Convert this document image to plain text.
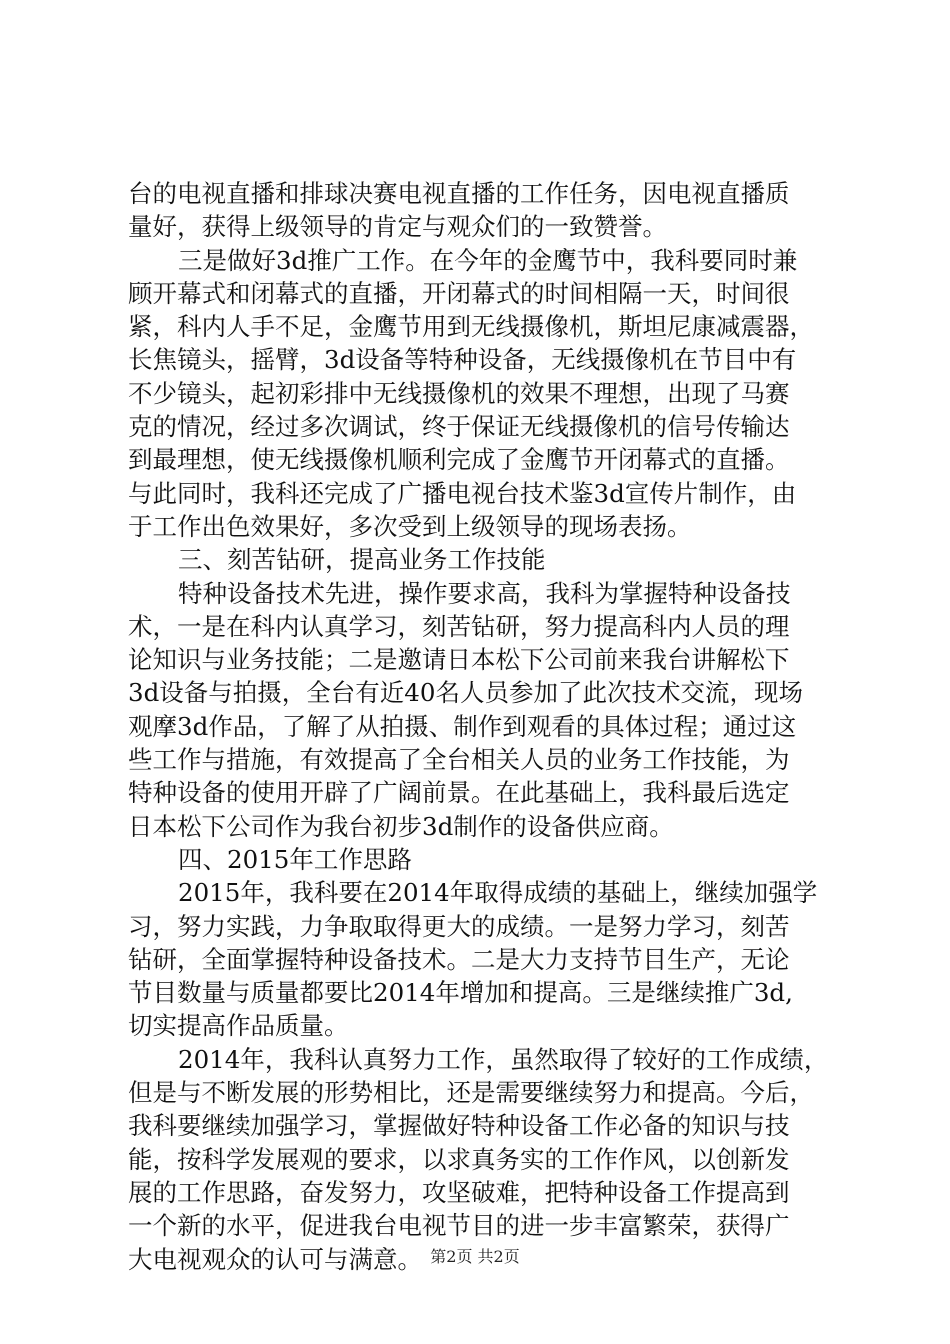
台的电视直播和排球决赛电视直播的工作任务，因电视直播质
量好，获得上级领导的肯定与观众们的一致赞誉。
三是做好3d推广工作。在今年的金鹰节中，我科要同时兼
顾开幕式和闭幕式的直播，开闭幕式的时间相隔一天，时间很
紧，科内人手不足，金鹰节用到无线摄像机，斯坦尼康减震器，
长焦镜头，摇臂，3d设备等特种设备，无线摄像机在节目中有
不少镜头，起初彩排中无线摄像机的效果不理想，出现了马赛
克的情况，经过多次调试，终于保证无线摄像机的信号传输达
到最理想，使无线摄像机顺利完成了金鹰节开闭幕式的直播。
与此同时，我科还完成了广播电视台技术鉴3d宣传片制作，由
于工作出色效果好，多次受到上级领导的现场表扬。
三、刻苦钻研，提高业务工作技能
特种设备技术先进，操作要求高，我科为掌握特种设备技
术，一是在科内认真学习，刻苦钻研，努力提高科内人员的理
论知识与业务技能；二是邀请日本松下公司前来我台讲解松下
3d设备与拍摄，全台有近40名人员参加了此次技术交流，现场
观摩3d作品，了解了从拍摄、制作到观看的具体过程；通过这
些工作与措施，有效提高了全台相关人员的业务工作技能，为
特种设备的使用开辟了广阔前景。在此基础上，我科最后选定
日本松下公司作为我台初步3d制作的设备供应商。
四、2015年工作思路
2015年，我科要在2014年取得成绩的基础上，继续加强学
习，努力实践，力争取取得更大的成绩。一是努力学习，刻苦
钻研，全面掌握特种设备技术。二是大力支持节目生产，无论
节目数量与质量都要比2014年增加和提高。三是继续推广3d,
切实提高作品质量。
2014年，我科认真努力工作，虽然取得了较好的工作成绩，
但是与不断发展的形势相比，还是需要继续努力和提高。今后，
我科要继续加强学习，掌握做好特种设备工作必备的知识与技
能，按科学发展观的要求，以求真务实的工作作风，以创新发
展的工作思路，奋发努力，攻坚破难，把特种设备工作提高到
一个新的水平，促进我台电视节目的进一步丰富繁荣，获得广
大电视观众的认可与满意。 第2页 共2页
